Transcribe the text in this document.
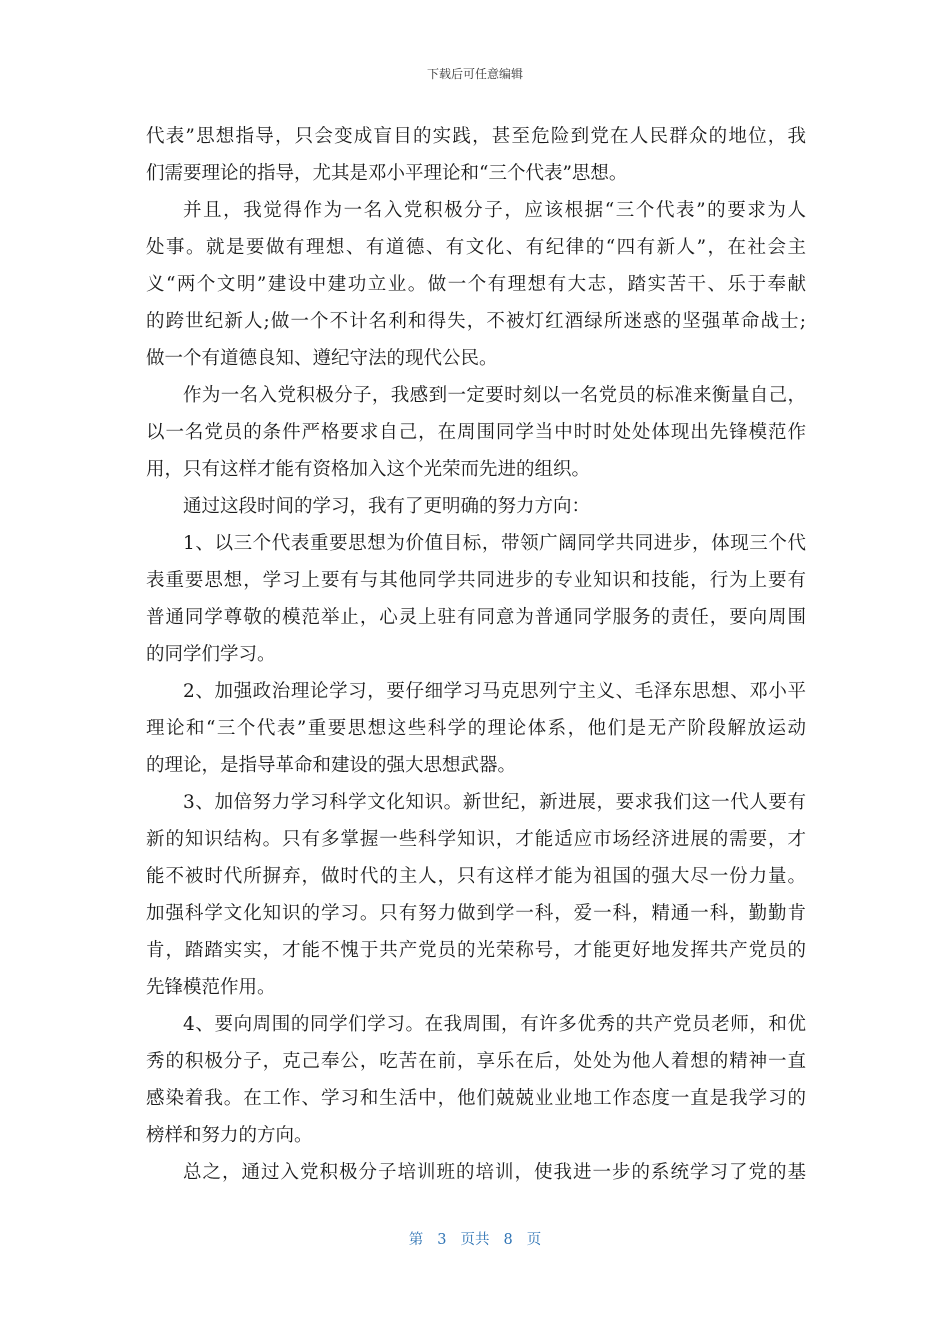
下载后可任意编辑
代表”思想指导，只会变成盲目的实践，甚至危险到党在人民群众的地位，我
们需要理论的指导，尤其是邓小平理论和“三个代表”思想。
并且，我觉得作为一名入党积极分子，应该根据“三个代表”的要求为人
处事。就是要做有理想、有道德、有文化、有纪律的“四有新人”，在社会主
义“两个文明”建设中建功立业。做一个有理想有大志，踏实苦干、乐于奉献
的跨世纪新人;做一个不计名利和得失，不被灯红酒绿所迷惑的坚强革命战士;
做一个有道德良知、遵纪守法的现代公民。
作为一名入党积极分子，我感到一定要时刻以一名党员的标准来衡量自己，
以一名党员的条件严格要求自己，在周围同学当中时时处处体现出先锋模范作
用，只有这样才能有资格加入这个光荣而先进的组织。
通过这段时间的学习，我有了更明确的努力方向：
1、以三个代表重要思想为价值目标，带领广阔同学共同进步，体现三个代
表重要思想，学习上要有与其他同学共同进步的专业知识和技能，行为上要有
普通同学尊敬的模范举止，心灵上驻有同意为普通同学服务的责任，要向周围
的同学们学习。
2、加强政治理论学习，要仔细学习马克思列宁主义、毛泽东思想、邓小平
理论和“三个代表”重要思想这些科学的理论体系，他们是无产阶段解放运动
的理论，是指导革命和建设的强大思想武器。
3、加倍努力学习科学文化知识。新世纪，新进展，要求我们这一代人要有
新的知识结构。只有多掌握一些科学知识，才能适应市场经济进展的需要，才
能不被时代所摒弃，做时代的主人，只有这样才能为祖国的强大尽一份力量。
加强科学文化知识的学习。只有努力做到学一科，爱一科，精通一科，勤勤肯
肯，踏踏实实，才能不愧于共产党员的光荣称号，才能更好地发挥共产党员的
先锋模范作用。
4、要向周围的同学们学习。在我周围，有许多优秀的共产党员老师，和优
秀的积极分子，克己奉公，吃苦在前，享乐在后，处处为他人着想的精神一直
感染着我。在工作、学习和生活中，他们兢兢业业地工作态度一直是我学习的
榜样和努力的方向。
总之，通过入党积极分子培训班的培训，使我进一步的系统学习了党的基
第 3 页共 8 页
